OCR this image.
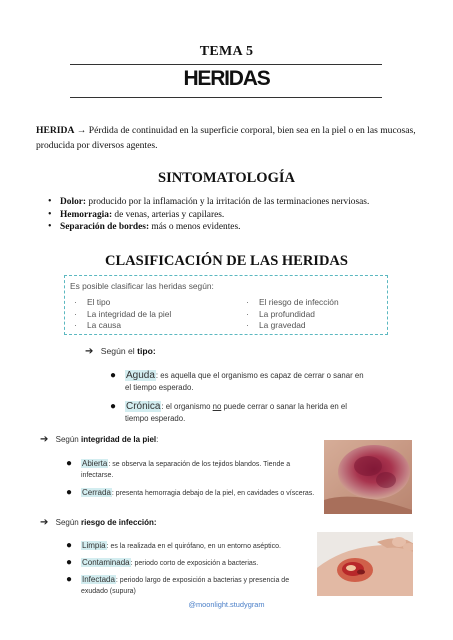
TEMA 5
HERIDAS
HERIDA → Pérdida de continuidad en la superficie corporal, bien sea en la piel o en las mucosas, producida por diversos agentes.
SINTOMATOLOGÍA
• Dolor: producido por la inflamación y la irritación de las terminaciones nerviosas.
• Hemorragia: de venas, arterias y capilares.
• Separación de bordes: más o menos evidentes.
CLASIFICACIÓN DE LAS HERIDAS
Es posible clasificar las heridas según:
· El tipo
· La integridad de la piel
· La causa
· El riesgo de infección
· La profundidad
· La gravedad
➔ Según el tipo:
● Aguda: es aquella que el organismo es capaz de cerrar o sanar en el tiempo esperado.
● Crónica: el organismo no puede cerrar o sanar la herida en el tiempo esperado.
➔ Según integridad de la piel:
● Abierta: se observa la separación de los tejidos blandos. Tiende a infectarse.
● Cerrada: presenta hemorragia debajo de la piel, en cavidades o vísceras.
➔ Según riesgo de infección:
● Limpia: es la realizada en el quirófano, en un entorno aséptico.
● Contaminada: periodo corto de exposición a bacterias.
● Infectada: periodo largo de exposición a bacterias y presencia de exudado (supura)
@moonlight.studygram
